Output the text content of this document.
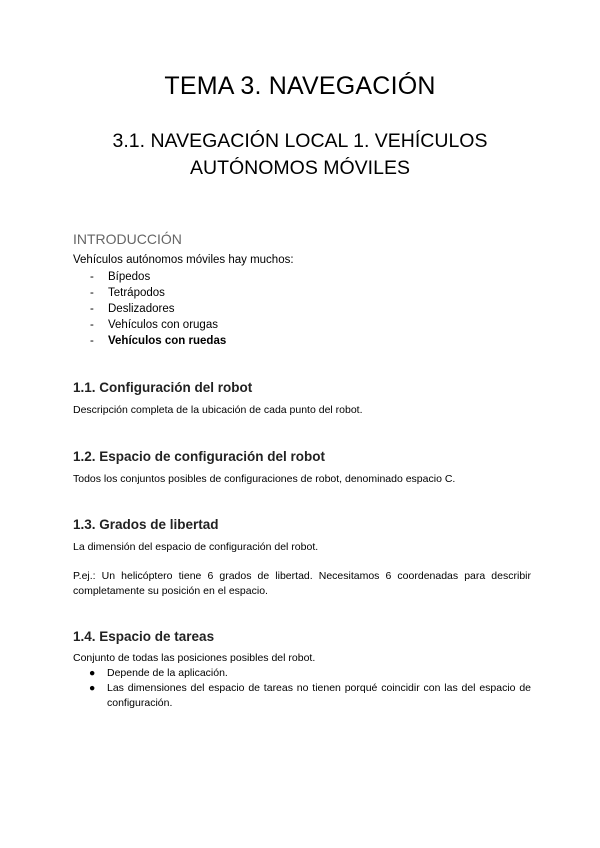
TEMA 3. NAVEGACIÓN
3.1. NAVEGACIÓN LOCAL 1. VEHÍCULOS AUTÓNOMOS MÓVILES
INTRODUCCIÓN
Vehículos autónomos móviles hay muchos:
- Bípedos
- Tetrápodos
- Deslizadores
- Vehículos con orugas
- Vehículos con ruedas
1.1. Configuración del robot
Descripción completa de la ubicación de cada punto del robot.
1.2. Espacio de configuración del robot
Todos los conjuntos posibles de configuraciones de robot, denominado espacio C.
1.3. Grados de libertad
La dimensión del espacio de configuración del robot.
P.ej.: Un helicóptero tiene 6 grados de libertad. Necesitamos 6 coordenadas para describir completamente su posición en el espacio.
1.4. Espacio de tareas
Conjunto de todas las posiciones posibles del robot.
● Depende de la aplicación.
● Las dimensiones del espacio de tareas no tienen porqué coincidir con las del espacio de configuración.
